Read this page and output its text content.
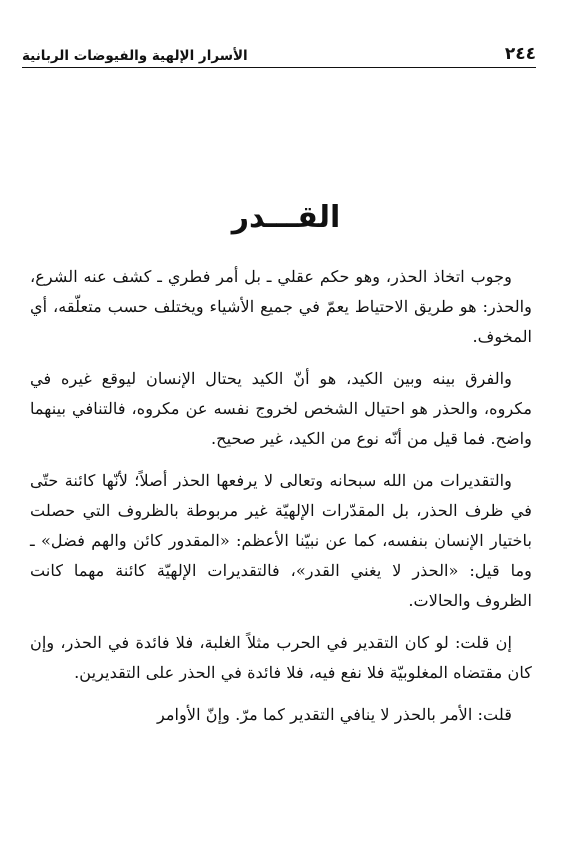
٢٤٤
الأسرار الإلهية والفيوضات الربانية
القـــدر

وجوب اتخاذ الحذر، وهو حكم عقلي ـ بل أمر فطري ـ كشف عنه الشرع، والحذر: هو طريق الاحتياط يعمّ في جميع الأشياء ويختلف حسب متعلّقه، أي المخوف.

والفرق بينه وبين الكيد، هو أنّ الكيد يحتال الإنسان ليوقع غيره في مكروه، والحذر هو احتيال الشخص لخروج نفسه عن مكروه، فالتنافي بينهما واضح. فما قيل من أنّه نوع من الكيد، غير صحيح.

والتقديرات من الله سبحانه وتعالى لا يرفعها الحذر أصلاً؛ لأنّها كائنة حتّى في ظرف الحذر، بل المقدّرات الإلهيّة غير مربوطة بالظروف التي حصلت باختيار الإنسان بنفسه، كما عن نبيّنا الأعظم: «المقدور كائن والهم فضل» ـ وما قيل: «الحذر لا يغني القدر»، فالتقديرات الإلهيّة كائنة مهما كانت الظروف والحالات.

إن قلت: لو كان التقدير في الحرب مثلاً الغلبة، فلا فائدة في الحذر، وإن كان مقتضاه المغلوبيّة فلا نفع فيه، فلا فائدة في الحذر على التقديرين.

قلت: الأمر بالحذر لا ينافي التقدير كما مرّ. وإنّ الأوامر
